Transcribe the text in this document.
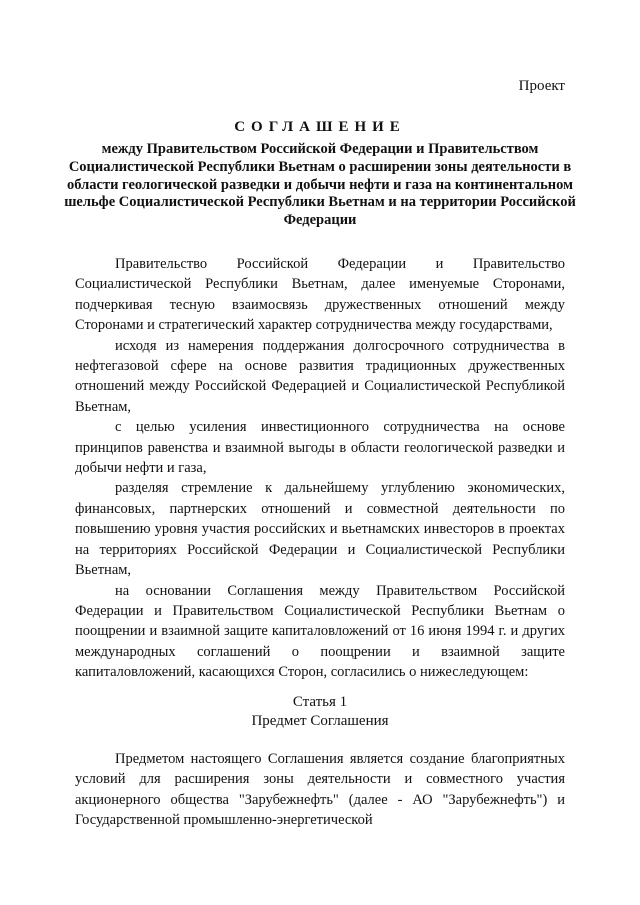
Проект
СОГЛАШЕНИЕ
между Правительством Российской Федерации и Правительством Социалистической Республики Вьетнам о расширении зоны деятельности в области геологической разведки и добычи нефти и газа на континентальном шельфе Социалистической Республики Вьетнам и на территории Российской Федерации

Правительство Российской Федерации и Правительство Социалистической Республики Вьетнам, далее именуемые Сторонами, подчеркивая тесную взаимосвязь дружественных отношений между Сторонами и стратегический характер сотрудничества между государствами,

исходя из намерения поддержания долгосрочного сотрудничества в нефтегазовой сфере на основе развития традиционных дружественных отношений между Российской Федерацией и Социалистической Республикой Вьетнам,

с целью усиления инвестиционного сотрудничества на основе принципов равенства и взаимной выгоды в области геологической разведки и добычи нефти и газа,

разделяя стремление к дальнейшему углублению экономических, финансовых, партнерских отношений и совместной деятельности по повышению уровня участия российских и вьетнамских инвесторов в проектах на территориях Российской Федерации и Социалистической Республики Вьетнам,

на основании Соглашения между Правительством Российской Федерации и Правительством Социалистической Республики Вьетнам о поощрении и взаимной защите капиталовложений от 16 июня 1994 г. и других международных соглашений о поощрении и взаимной защите капиталовложений, касающихся Сторон, согласились о нижеследующем:

Статья 1
Предмет Соглашения

Предметом настоящего Соглашения является создание благоприятных условий для расширения зоны деятельности и совместного участия акционерного общества "Зарубежнефть" (далее - АО "Зарубежнефть") и Государственной промышленно-энергетической
